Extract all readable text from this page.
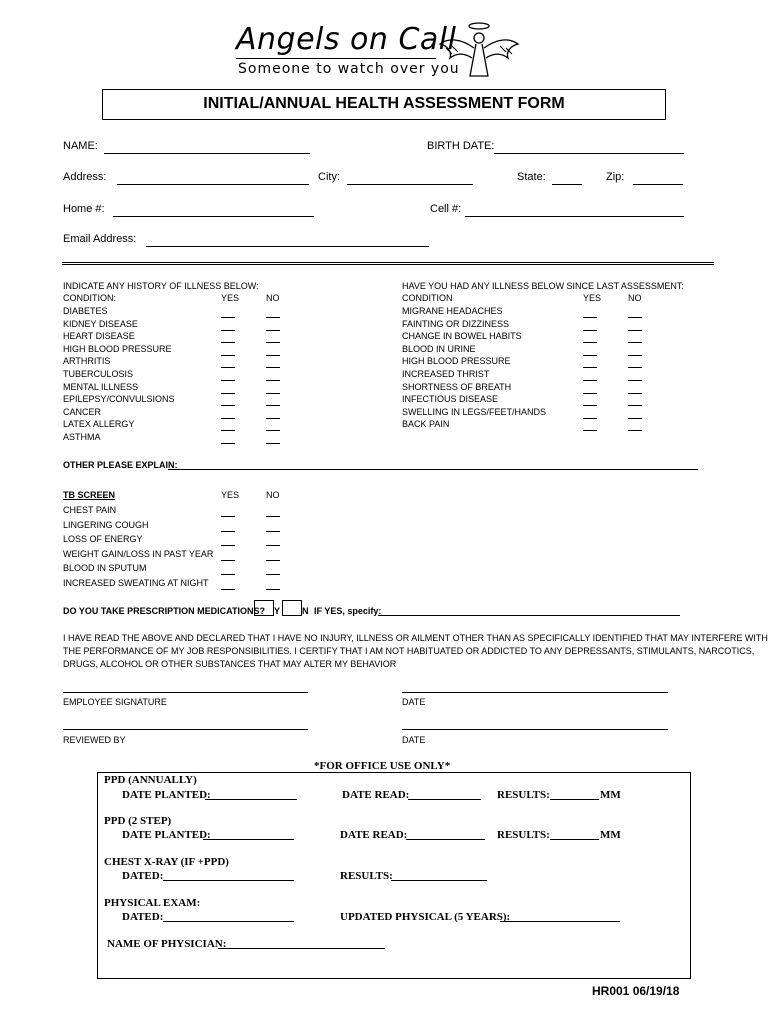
Angels on Call
Someone to watch over you
INITIAL/ANNUAL HEALTH ASSESSMENT FORM
NAME:	BIRTH DATE:
Address:	City:	State:	Zip:
Home #:	Cell #:
Email Address:
INDICATE ANY HISTORY OF ILLNESS BELOW:
CONDITION:	YES	NO
DIABETES
KIDNEY DISEASE
HEART DISEASE
HIGH BLOOD PRESSURE
ARTHRITIS
TUBERCULOSIS
MENTAL ILLNESS
EPILEPSY/CONVULSIONS
CANCER
LATEX ALLERGY
ASTHMA
HAVE YOU HAD ANY ILLNESS BELOW SINCE LAST ASSESSMENT:
CONDITION	YES	NO
MIGRANE HEADACHES
FAINTING OR DIZZINESS
CHANGE IN BOWEL HABITS
BLOOD IN URINE
HIGH BLOOD PRESSURE
INCREASED THRIST
SHORTNESS OF BREATH
INFECTIOUS DISEASE
SWELLING IN LEGS/FEET/HANDS
BACK PAIN
OTHER PLEASE EXPLAIN:
TB SCREEN	YES	NO
CHEST PAIN
LINGERING COUGH
LOSS OF ENERGY
WEIGHT GAIN/LOSS IN PAST YEAR
BLOOD IN SPUTUM
INCREASED SWEATING AT NIGHT
DO YOU TAKE PRESCRIPTION MEDICATIONS? Y N IF YES, specify:
I HAVE READ THE ABOVE AND DECLARED THAT I HAVE NO INJURY, ILLNESS OR AILMENT OTHER THAN AS SPECIFICALLY IDENTIFIED THAT MAY INTERFERE WITH
THE PERFORMANCE OF MY JOB RESPONSIBILITIES. I CERTIFY THAT I AM NOT HABITUATED OR ADDICTED TO ANY DEPRESSANTS, STIMULANTS, NARCOTICS,
DRUGS, ALCOHOL OR OTHER SUBSTANCES THAT MAY ALTER MY BEHAVIOR
EMPLOYEE SIGNATURE	DATE
REVIEWED BY	DATE
*FOR OFFICE USE ONLY*
PPD (ANNUALLY)
DATE PLANTED:	DATE READ:	RESULTS:	MM
PPD (2 STEP)
DATE PLANTED:	DATE READ:	RESULTS:	MM
CHEST X-RAY (IF +PPD)
DATED:	RESULTS:
PHYSICAL EXAM:
DATED:	UPDATED PHYSICAL (5 YEARS):
NAME OF PHYSICIAN:
HR001 06/19/18
